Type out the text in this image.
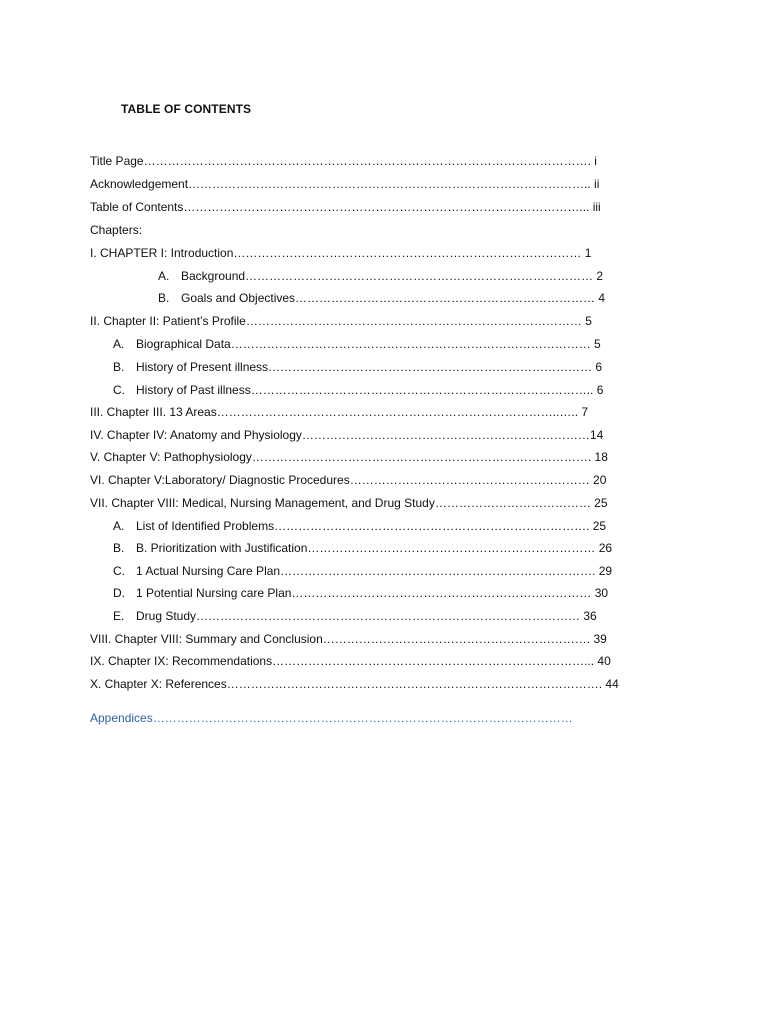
TABLE OF CONTENTS
Title Page…………………………………………………………………………………………………. i
Acknowledgement……………………………………………………………………………………….. ii
Table of Contents………………………………………………………………………………………... iii
Chapters:
I. CHAPTER I: Introduction…………………………………………………………………………… 1
A. Background…………………………………………………………………………… 2
B. Goals and Objectives………………………………………………………………… 4
II. Chapter II: Patient’s Profile………………………………………………………………………… 5
A. Biographical Data……………………………………………………………………………… 5
B. History of Present illness……………………………………………………………………… 6
C. History of Past illness………………………………………………………………………….. 6
III. Chapter III. 13 Areas…………………………………………………………………………..….. 7
IV. Chapter IV: Anatomy and Physiology………………………………………………………………14
V. Chapter V: Pathophysiology…………………………………………………………………………. 18
VI. Chapter V:Laboratory/ Diagnostic Procedures…………………………………………………… 20
VII. Chapter VIII: Medical, Nursing Management, and Drug Study………………………………… 25
A. List of Identified Problems……………………………………………………………………. 25
B. B. Prioritization with Justification……………………………………………………………… 26
C. 1 Actual Nursing Care Plan……………………………………………………………………. 29
D. 1 Potential Nursing care Plan………………………………………………………………… 30
E. Drug Study…………………………………………………………………………………… 36
VIII. Chapter VIII: Summary and Conclusion…………………………………………………………. 39
IX. Chapter IX: Recommendations……………………………………………………………………... 40
X. Chapter X: References…………………………………………………………………………………. 44
Appendices……………………………………………………………………………………………
